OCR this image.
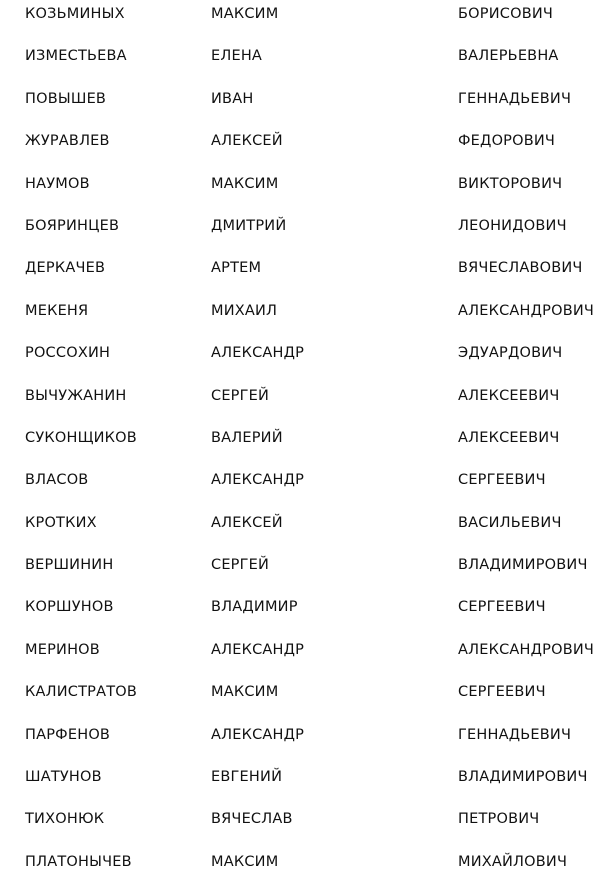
КОЗЬМИНЫХ	МАКСИМ	БОРИСОВИЧ
ИЗМЕСТЬЕВА	ЕЛЕНА	ВАЛЕРЬЕВНА
ПОВЫШЕВ	ИВАН	ГЕННАДЬЕВИЧ
ЖУРАВЛЕВ	АЛЕКСЕЙ	ФЕДОРОВИЧ
НАУМОВ	МАКСИМ	ВИКТОРОВИЧ
БОЯРИНЦЕВ	ДМИТРИЙ	ЛЕОНИДОВИЧ
ДЕРКАЧЕВ	АРТЕМ	ВЯЧЕСЛАВОВИЧ
МЕКЕНЯ	МИХАИЛ	АЛЕКСАНДРОВИЧ
РОССОХИН	АЛЕКСАНДР	ЭДУАРДОВИЧ
ВЫЧУЖАНИН	СЕРГЕЙ	АЛЕКСЕЕВИЧ
СУКОНЩИКОВ	ВАЛЕРИЙ	АЛЕКСЕЕВИЧ
ВЛАСОВ	АЛЕКСАНДР	СЕРГЕЕВИЧ
КРОТКИХ	АЛЕКСЕЙ	ВАСИЛЬЕВИЧ
ВЕРШИНИН	СЕРГЕЙ	ВЛАДИМИРОВИЧ
КОРШУНОВ	ВЛАДИМИР	СЕРГЕЕВИЧ
МЕРИНОВ	АЛЕКСАНДР	АЛЕКСАНДРОВИЧ
КАЛИСТРАТОВ	МАКСИМ	СЕРГЕЕВИЧ
ПАРФЕНОВ	АЛЕКСАНДР	ГЕННАДЬЕВИЧ
ШАТУНОВ	ЕВГЕНИЙ	ВЛАДИМИРОВИЧ
ТИХОНЮК	ВЯЧЕСЛАВ	ПЕТРОВИЧ
ПЛАТОНЫЧЕВ	МАКСИМ	МИХАЙЛОВИЧ
